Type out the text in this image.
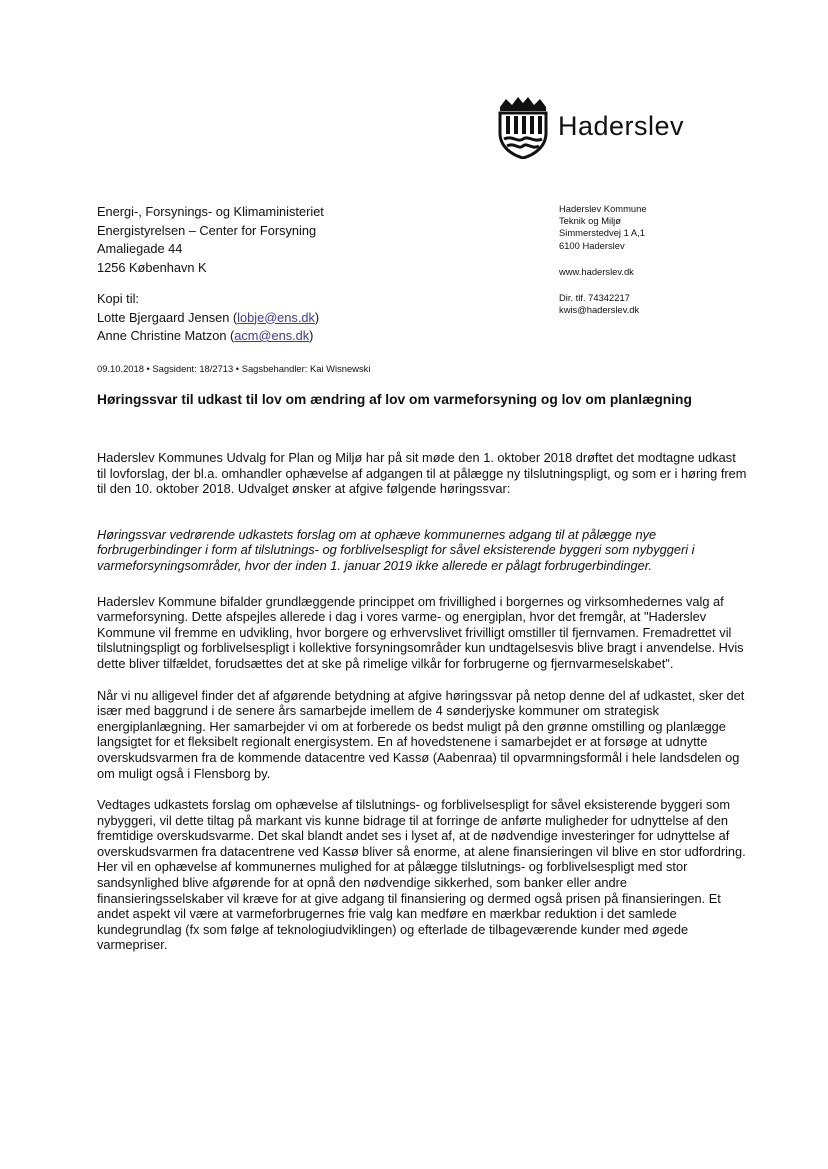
Haderslev
Energi-, Forsynings- og Klimaministeriet
Energistyrelsen – Center for Forsyning
Amaliegade 44
1256 København K
Kopi til:
Lotte Bjergaard Jensen (lobje@ens.dk)
Anne Christine Matzon (acm@ens.dk)
Haderslev Kommune
Teknik og Miljø
Simmerstedvej 1 A,1
6100 Haderslev
www.haderslev.dk
Dir. tlf. 74342217
kwis@haderslev.dk
09.10.2018 • Sagsident: 18/2713 • Sagsbehandler: Kai Wisnewski
Høringssvar til udkast til lov om ændring af lov om varmeforsyning og lov om planlægning

Haderslev Kommunes Udvalg for Plan og Miljø har på sit møde den 1. oktober 2018 drøftet det modtagne udkast til lovforslag, der bl.a. omhandler ophævelse af adgangen til at pålægge ny tilslutningspligt, og som er i høring frem til den 10. oktober 2018. Udvalget ønsker at afgive følgende høringssvar:

Høringssvar vedrørende udkastets forslag om at ophæve kommunernes adgang til at pålægge nye forbrugerbindinger i form af tilslutnings- og forblivelsespligt for såvel eksisterende byggeri som nybyggeri i varmeforsyningsområder, hvor der inden 1. januar 2019 ikke allerede er pålagt forbrugerbindinger.

Haderslev Kommune bifalder grundlæggende princippet om frivillighed i borgernes og virksomhedernes valg af varmeforsyning. Dette afspejles allerede i dag i vores varme- og energiplan, hvor det fremgår, at "Haderslev Kommune vil fremme en udvikling, hvor borgere og erhvervslivet frivilligt omstiller til fjernvamen. Fremadrettet vil tilslutningspligt og forblivelsespligt i kollektive forsyningsområder kun undtagelsesvis blive bragt i anvendelse. Hvis dette bliver tilfældet, forudsættes det at ske på rimelige vilkår for forbrugerne og fjernvarmeselskabet".

Når vi nu alligevel finder det af afgørende betydning at afgive høringssvar på netop denne del af udkastet, sker det især med baggrund i de senere års samarbejde imellem de 4 sønderjyske kommuner om strategisk energiplanlægning. Her samarbejder vi om at forberede os bedst muligt på den grønne omstilling og planlægge langsigtet for et fleksibelt regionalt energisystem. En af hovedstenene i samarbejdet er at forsøge at udnytte overskudsvarmen fra de kommende datacentre ved Kassø (Aabenraa) til opvarmningsformål i hele landsdelen og om muligt også i Flensborg by.

Vedtages udkastets forslag om ophævelse af tilslutnings- og forblivelsespligt for såvel eksisterende byggeri som nybyggeri, vil dette tiltag på markant vis kunne bidrage til at forringe de anførte muligheder for udnyttelse af den fremtidige overskudsvarme. Det skal blandt andet ses i lyset af, at de nødvendige investeringer for udnyttelse af overskudsvarmen fra datacentrene ved Kassø bliver så enorme, at alene finansieringen vil blive en stor udfordring. Her vil en ophævelse af kommunernes mulighed for at pålægge tilslutnings- og forblivelsespligt med stor sandsynlighed blive afgørende for at opnå den nødvendige sikkerhed, som banker eller andre finansieringsselskaber vil kræve for at give adgang til finansiering og dermed også prisen på finansieringen. Et andet aspekt vil være at varmeforbrugernes frie valg kan medføre en mærkbar reduktion i det samlede kundegrundlag (fx som følge af teknologiudviklingen) og efterlade de tilbageværende kunder med øgede varmepriser.
